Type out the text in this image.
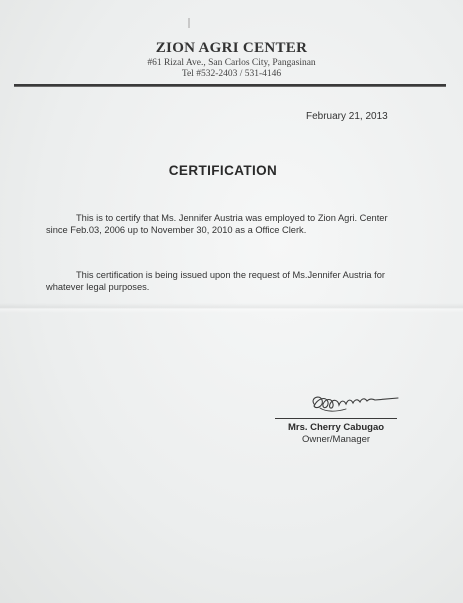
ZION AGRI CENTER
#61 Rizal Ave., San Carlos City, Pangasinan
Tel #532-2403 / 531-4146
February 21, 2013
CERTIFICATION

This is to certify that Ms. Jennifer Austria was employed to Zion Agri. Center since Feb.03, 2006 up to November 30, 2010 as a Office Clerk.

This certification is being issued upon the request of Ms.Jennifer Austria for whatever legal purposes.

Mrs. Cherry Cabugao
Owner/Manager
